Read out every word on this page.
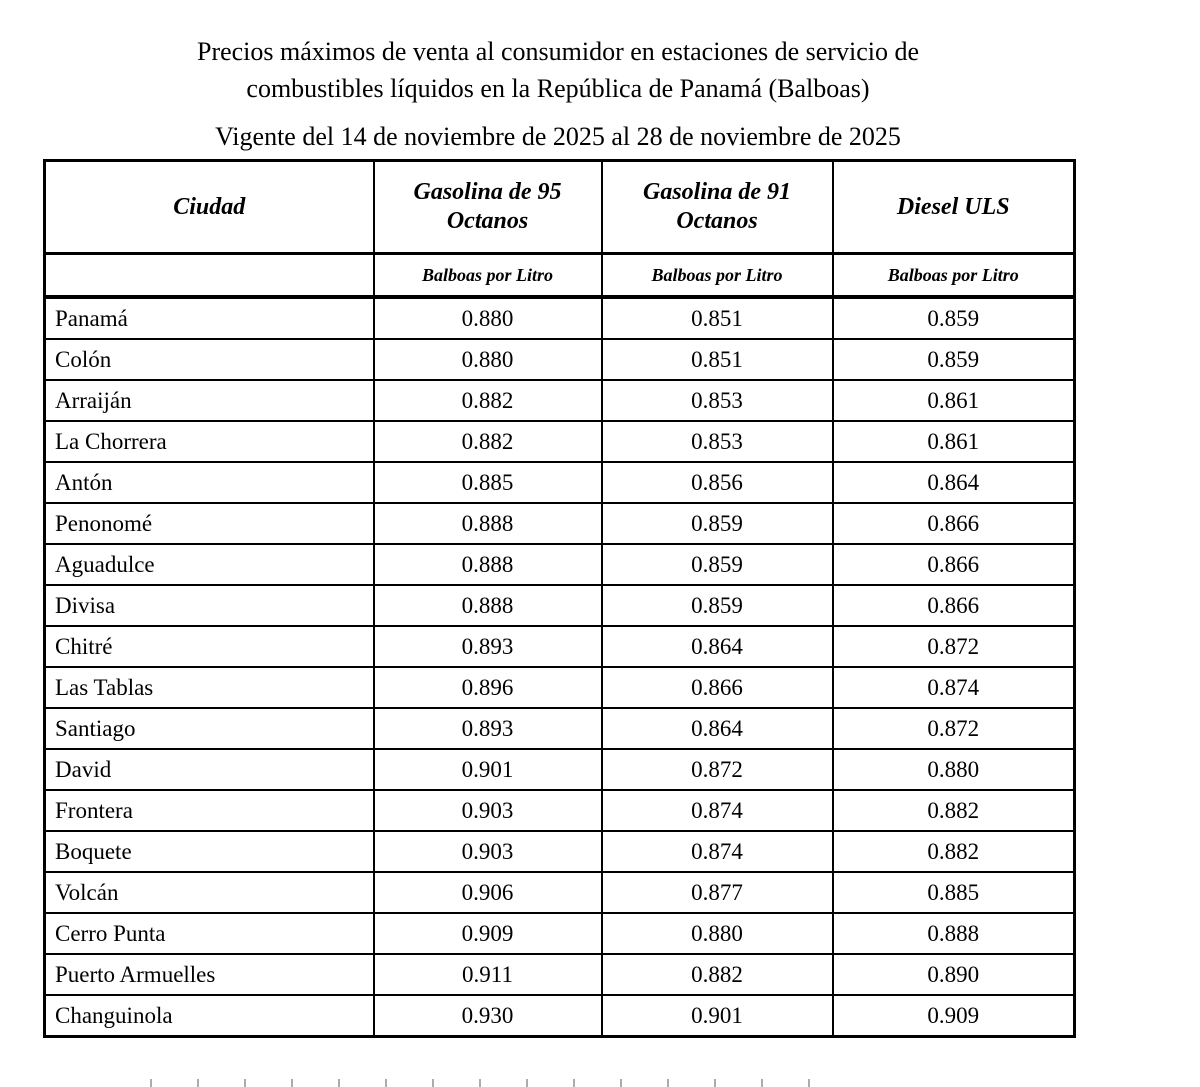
Precios máximos de venta al consumidor en estaciones de servicio de
combustibles líquidos en la República de Panamá (Balboas)
Vigente del 14 de noviembre de 2025 al 28 de noviembre de 2025
Ciudad	Gasolina de 95 Octanos	Gasolina de 91 Octanos	Diesel ULS
	Balboas por Litro	Balboas por Litro	Balboas por Litro
Panamá	0.880	0.851	0.859
Colón	0.880	0.851	0.859
Arraiján	0.882	0.853	0.861
La Chorrera	0.882	0.853	0.861
Antón	0.885	0.856	0.864
Penonomé	0.888	0.859	0.866
Aguadulce	0.888	0.859	0.866
Divisa	0.888	0.859	0.866
Chitré	0.893	0.864	0.872
Las Tablas	0.896	0.866	0.874
Santiago	0.893	0.864	0.872
David	0.901	0.872	0.880
Frontera	0.903	0.874	0.882
Boquete	0.903	0.874	0.882
Volcán	0.906	0.877	0.885
Cerro Punta	0.909	0.880	0.888
Puerto Armuelles	0.911	0.882	0.890
Changuinola	0.930	0.901	0.909
